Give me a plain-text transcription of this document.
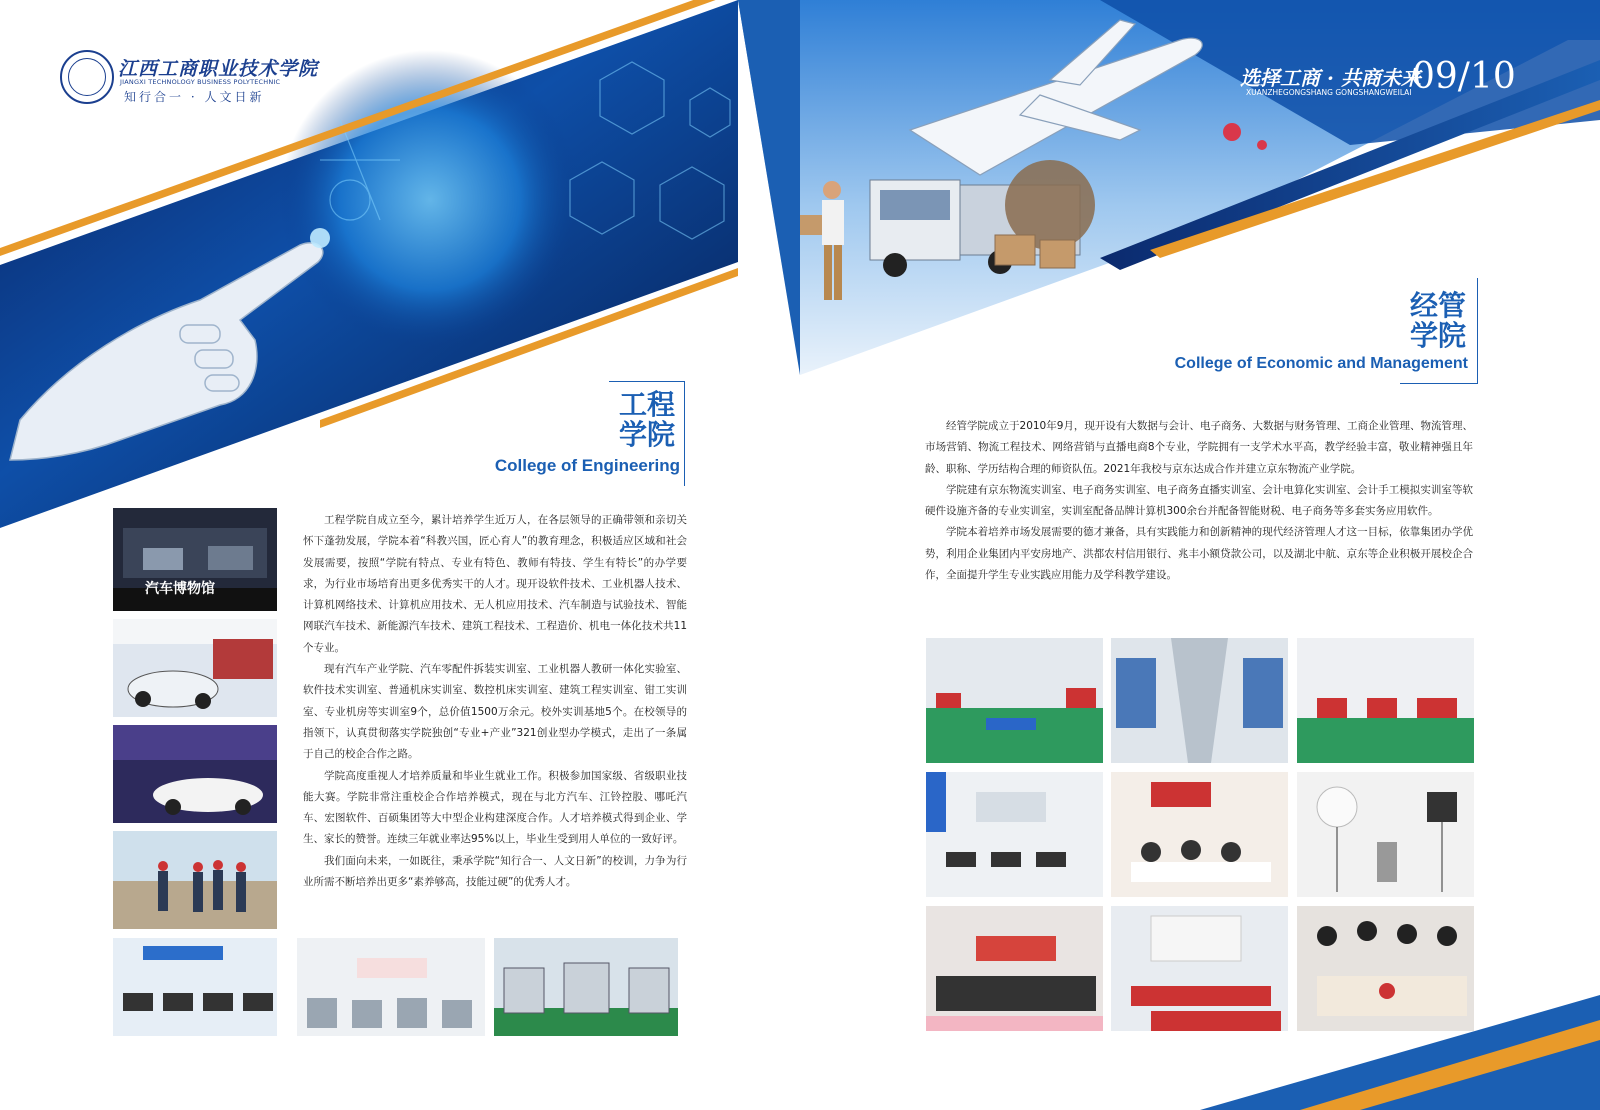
江西工商职业技术学院
JIANGXI TECHNOLOGY BUSINESS POLYTECHNIC
知行合一 · 人文日新
选择工商 · 共商未来
XUANZHEGONGSHANG GONGSHANGWEILAI 09/10
工程
学院
College of Engineering
经管
学院
College of Economic and Management
汽车博物馆

工程学院自成立至今，累计培养学生近万人，在各层领导的正确带领和亲切关怀下蓬勃发展，学院本着“科教兴国，匠心育人”的教育理念，积极适应区域和社会发展需要，按照“学院有特点、专业有特色、教师有特技、学生有特长”的办学要求，为行业市场培育出更多优秀实干的人才。现开设软件技术、工业机器人技术、计算机网络技术、计算机应用技术、无人机应用技术、汽车制造与试验技术、智能网联汽车技术、新能源汽车技术、建筑工程技术、工程造价、机电一体化技术共11个专业。

现有汽车产业学院、汽车零配件拆装实训室、工业机器人教研一体化实验室、软件技术实训室、普通机床实训室、数控机床实训室、建筑工程实训室、钳工实训室、专业机房等实训室9个，总价值1500万余元。校外实训基地5个。在校领导的指领下，认真贯彻落实学院独创“专业+产业”321创业型办学模式，走出了一条属于自己的校企合作之路。

学院高度重视人才培养质量和毕业生就业工作。积极参加国家级、省级职业技能大赛。学院非常注重校企合作培养模式，现在与北方汽车、江铃控股、哪吒汽车、宏图软件、百硕集团等大中型企业构建深度合作。人才培养模式得到企业、学生、家长的赞誉。连续三年就业率达95%以上，毕业生受到用人单位的一致好评。

我们面向未来，一如既往，秉承学院“知行合一、人文日新”的校训，力争为行业所需不断培养出更多“素养够高，技能过硬”的优秀人才。

经管学院成立于2010年9月，现开设有大数据与会计、电子商务、大数据与财务管理、工商企业管理、物流管理、市场营销、物流工程技术、网络营销与直播电商8个专业，学院拥有一支学术水平高，教学经验丰富，敬业精神强且年龄、职称、学历结构合理的师资队伍。2021年我校与京东达成合作并建立京东物流产业学院。

学院建有京东物流实训室、电子商务实训室、电子商务直播实训室、会计电算化实训室、会计手工模拟实训室等软硬件设施齐备的专业实训室，实训室配备品牌计算机300余台并配备智能财税、电子商务等多套实务应用软件。

学院本着培养市场发展需要的德才兼备，具有实践能力和创新精神的现代经济管理人才这一目标，依靠集团办学优势，利用企业集团内平安房地产、洪都农村信用银行、兆丰小额贷款公司，以及湖北中航、京东等企业积极开展校企合作，全面提升学生专业实践应用能力及学科教学建设。
